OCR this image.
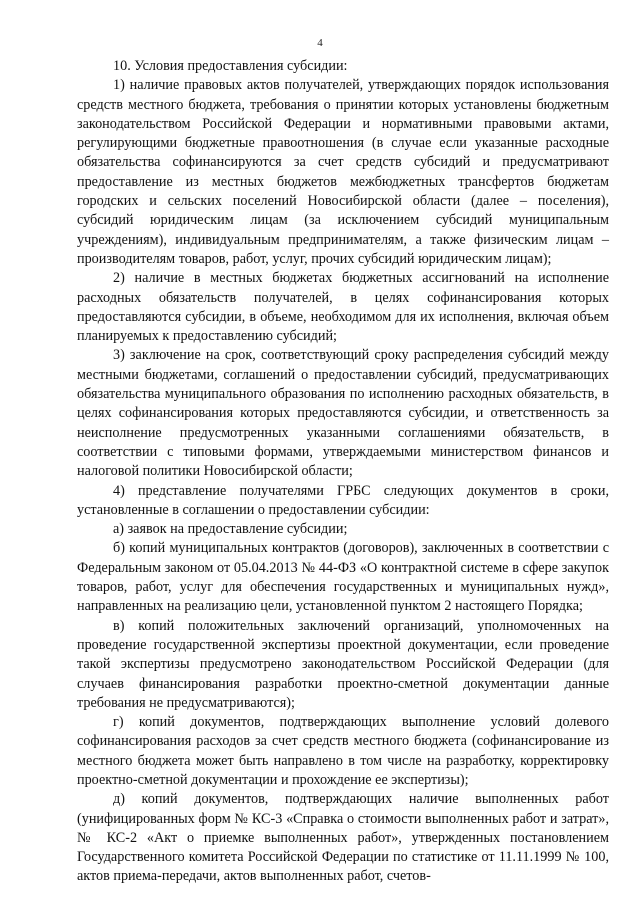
4

10. Условия предоставления субсидии:

1) наличие правовых актов получателей, утверждающих порядок использования средств местного бюджета, требования о принятии которых установлены бюджетным законодательством Российской Федерации и нормативными правовыми актами, регулирующими бюджетные правоотношения (в случае если указанные расходные обязательства софинансируются за счет средств субсидий и предусматривают предоставление из местных бюджетов межбюджетных трансфертов бюджетам городских и сельских поселений Новосибирской области (далее – поселения), субсидий юридическим лицам (за исключением субсидий муниципальным учреждениям), индивидуальным предпринимателям, а также физическим лицам – производителям товаров, работ, услуг, прочих субсидий юридическим лицам);

2) наличие в местных бюджетах бюджетных ассигнований на исполнение расходных обязательств получателей, в целях софинансирования которых предоставляются субсидии, в объеме, необходимом для их исполнения, включая объем планируемых к предоставлению субсидий;

3) заключение на срок, соответствующий сроку распределения субсидий между местными бюджетами, соглашений о предоставлении субсидий, предусматривающих обязательства муниципального образования по исполнению расходных обязательств, в целях софинансирования которых предоставляются субсидии, и ответственность за неисполнение предусмотренных указанными соглашениями обязательств, в соответствии с типовыми формами, утверждаемыми министерством финансов и налоговой политики Новосибирской области;

4) представление получателями ГРБС следующих документов в сроки, установленные в соглашении о предоставлении субсидии:

а) заявок на предоставление субсидии;

б) копий муниципальных контрактов (договоров), заключенных в соответствии с Федеральным законом от 05.04.2013 № 44-ФЗ «О контрактной системе в сфере закупок товаров, работ, услуг для обеспечения государственных и муниципальных нужд», направленных на реализацию цели, установленной пунктом 2 настоящего Порядка;

в) копий положительных заключений организаций, уполномоченных на проведение государственной экспертизы проектной документации, если проведение такой экспертизы предусмотрено законодательством Российской Федерации (для случаев финансирования разработки проектно-сметной документации данные требования не предусматриваются);

г) копий документов, подтверждающих выполнение условий долевого софинансирования расходов за счет средств местного бюджета (софинансирование из местного бюджета может быть направлено в том числе на разработку, корректировку проектно-сметной документации и прохождение ее экспертизы);

д) копий документов, подтверждающих наличие выполненных работ (унифицированных форм № КС-3 «Справка о стоимости выполненных работ и затрат», № КС-2 «Акт о приемке выполненных работ», утвержденных постановлением Государственного комитета Российской Федерации по статистике от 11.11.1999 № 100, актов приема-передачи, актов выполненных работ, счетов-
